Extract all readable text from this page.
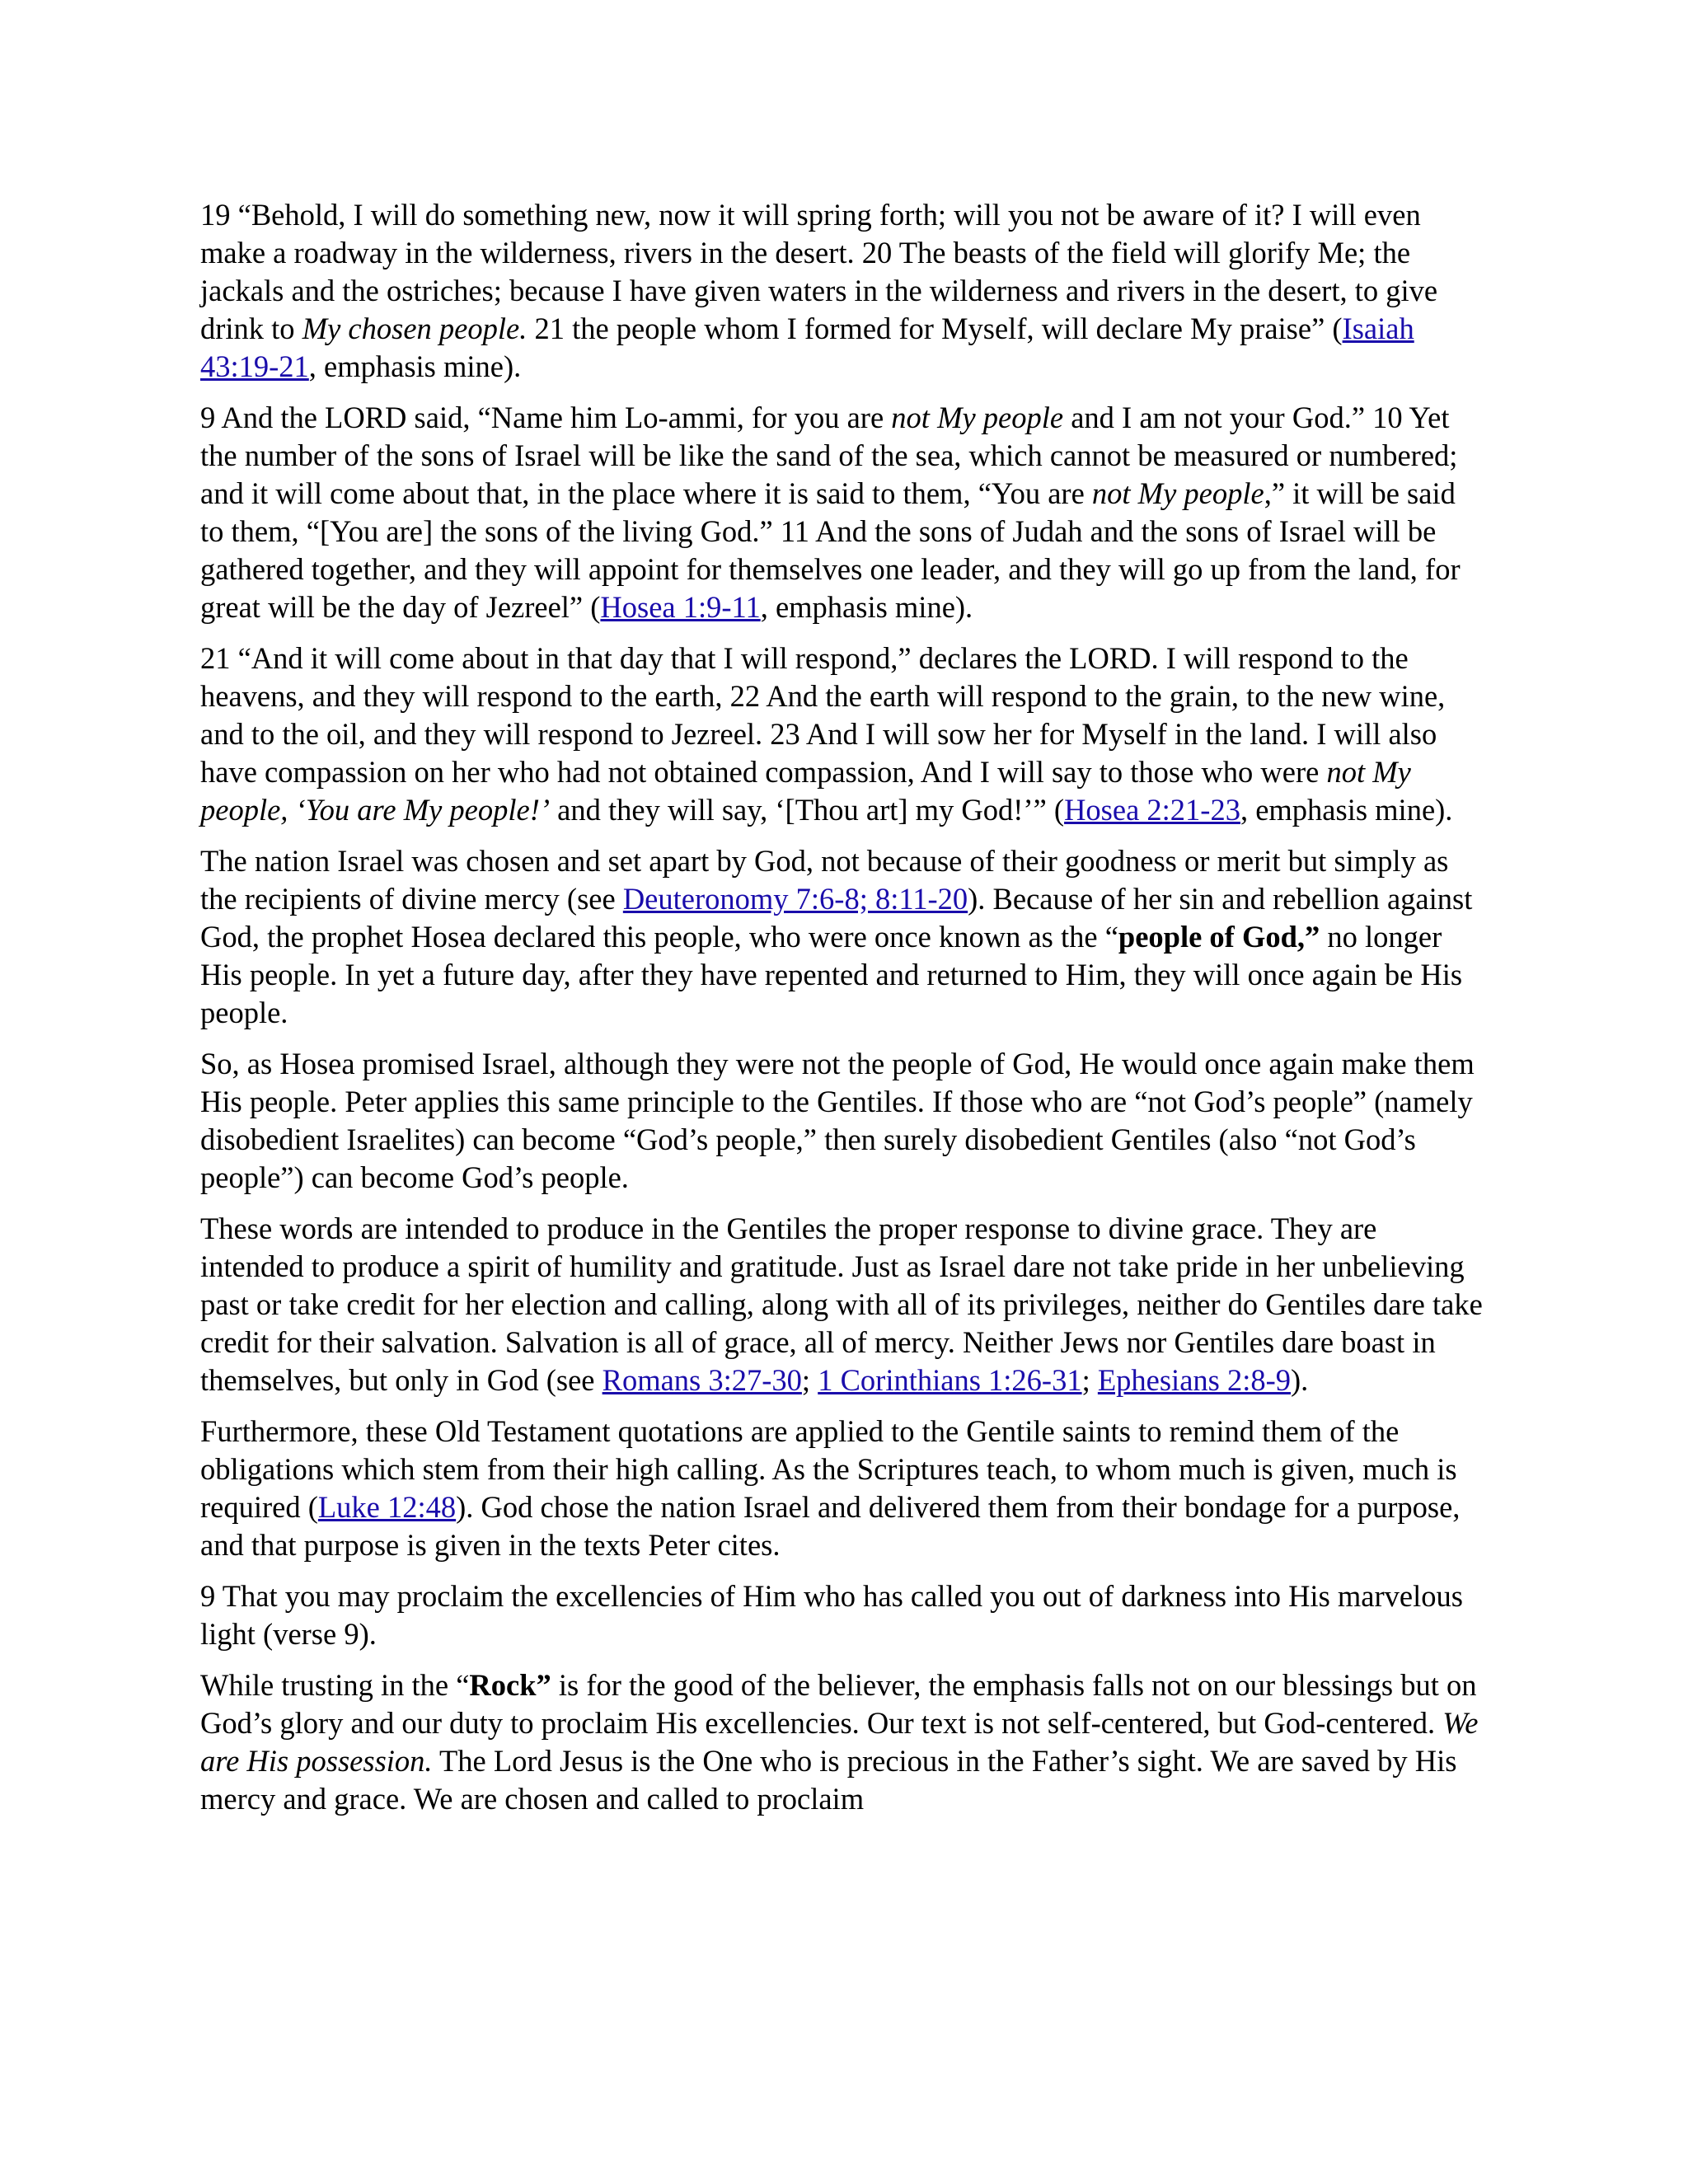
19 “Behold, I will do something new, now it will spring forth; will you not be aware of it? I will even make a roadway in the wilderness, rivers in the desert. 20 The beasts of the field will glorify Me; the jackals and the ostriches; because I have given waters in the wilderness and rivers in the desert, to give drink to My chosen people. 21 the people whom I formed for Myself, will declare My praise” (Isaiah 43:19-21, emphasis mine).

9 And the LORD said, “Name him Lo-ammi, for you are not My people and I am not your God.” 10 Yet the number of the sons of Israel will be like the sand of the sea, which cannot be measured or numbered; and it will come about that, in the place where it is said to them, “You are not My people,” it will be said to them, “[You are] the sons of the living God.” 11 And the sons of Judah and the sons of Israel will be gathered together, and they will appoint for themselves one leader, and they will go up from the land, for great will be the day of Jezreel” (Hosea 1:9-11, emphasis mine).

21 “And it will come about in that day that I will respond,” declares the LORD. I will respond to the heavens, and they will respond to the earth, 22 And the earth will respond to the grain, to the new wine, and to the oil, and they will respond to Jezreel. 23 And I will sow her for Myself in the land. I will also have compassion on her who had not obtained compassion, And I will say to those who were not My people, ‘You are My people!’ and they will say, ‘[Thou art] my God!’” (Hosea 2:21-23, emphasis mine).

The nation Israel was chosen and set apart by God, not because of their goodness or merit but simply as the recipients of divine mercy (see Deuteronomy 7:6-8; 8:11-20). Because of her sin and rebellion against God, the prophet Hosea declared this people, who were once known as the “people of God,” no longer His people. In yet a future day, after they have repented and returned to Him, they will once again be His people.

So, as Hosea promised Israel, although they were not the people of God, He would once again make them His people. Peter applies this same principle to the Gentiles. If those who are “not God’s people” (namely disobedient Israelites) can become “God’s people,” then surely disobedient Gentiles (also “not God’s people”) can become God’s people.

These words are intended to produce in the Gentiles the proper response to divine grace. They are intended to produce a spirit of humility and gratitude. Just as Israel dare not take pride in her unbelieving past or take credit for her election and calling, along with all of its privileges, neither do Gentiles dare take credit for their salvation. Salvation is all of grace, all of mercy. Neither Jews nor Gentiles dare boast in themselves, but only in God (see Romans 3:27-30; 1 Corinthians 1:26-31; Ephesians 2:8-9).

Furthermore, these Old Testament quotations are applied to the Gentile saints to remind them of the obligations which stem from their high calling. As the Scriptures teach, to whom much is given, much is required (Luke 12:48). God chose the nation Israel and delivered them from their bondage for a purpose, and that purpose is given in the texts Peter cites.

9 That you may proclaim the excellencies of Him who has called you out of darkness into His marvelous light (verse 9).

While trusting in the “Rock” is for the good of the believer, the emphasis falls not on our blessings but on God’s glory and our duty to proclaim His excellencies. Our text is not self-centered, but God-centered. We are His possession. The Lord Jesus is the One who is precious in the Father’s sight. We are saved by His mercy and grace. We are chosen and called to proclaim
